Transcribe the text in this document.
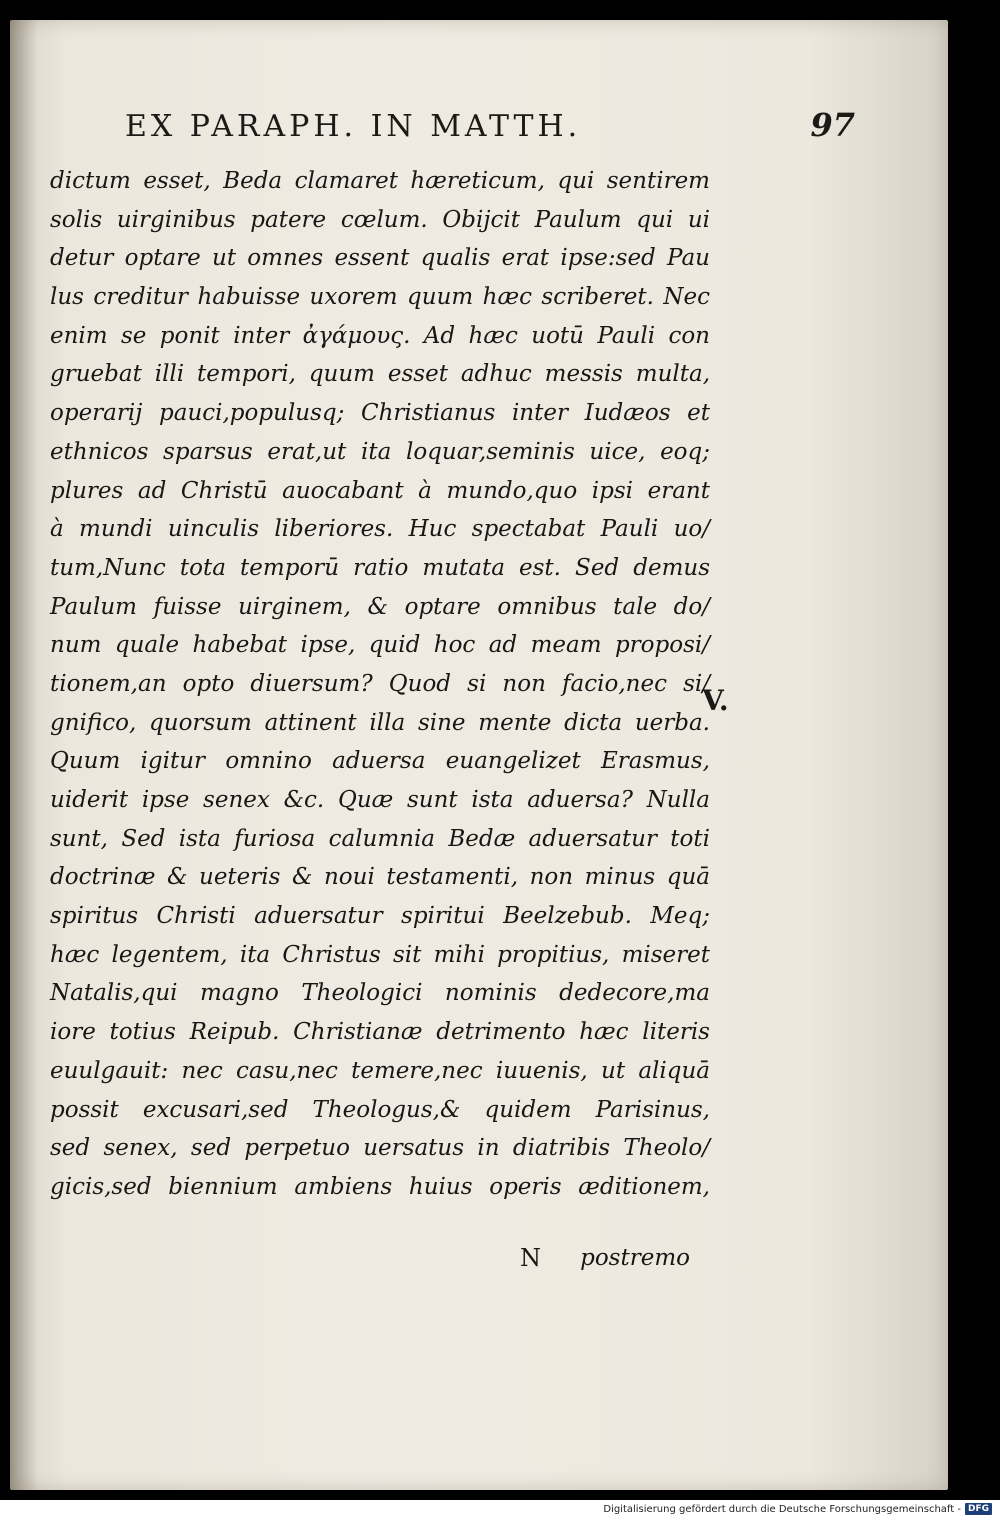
EX PARAPH. IN MATTH.	97
dictum esset, Beda clamaret hæreticum, qui sentirem
solis uirginibus patere cœlum. Obijcit Paulum qui ui
detur optare ut omnes essent qualis erat ipse:sed Pau
lus creditur habuisse uxorem quum hæc scriberet. Nec
enim se ponit inter ἀγάμους. Ad hæc uotū Pauli con
gruebat illi tempori, quum esset adhuc messis multa,
operarij pauci,populusq; Christianus inter Iudæos et
ethnicos sparsus erat,ut ita loquar,seminis uice, eoq;
plures ad Christū auocabant à mundo,quo ipsi erant
à mundi uinculis liberiores. Huc spectabat Pauli uo/
tum,Nunc tota temporū ratio mutata est. Sed demus
Paulum fuisse uirginem, & optare omnibus tale do/
num quale habebat ipse, quid hoc ad meam proposi/
tionem,an opto diuersum? Quod si non facio,nec si/
gnifico, quorsum attinent illa sine mente dicta uerba.
Quum igitur omnino aduersa euangelizet Erasmus,
uiderit ipse senex &c. Quæ sunt ista aduersa? Nulla
sunt, Sed ista furiosa calumnia Bedæ aduersatur toti
doctrinæ & ueteris & noui testamenti, non minus quā
spiritus Christi aduersatur spiritui Beelzebub. Meq;
hæc legentem, ita Christus sit mihi propitius, miseret
Natalis,qui magno Theologici nominis dedecore,ma
iore totius Reipub. Christianæ detrimento hæc literis
euulgauit: nec casu,nec temere,nec iuuenis, ut aliquā
possit excusari,sed Theologus,& quidem Parisinus,
sed senex, sed perpetuo uersatus in diatribis Theolo/
gicis,sed biennium ambiens huius operis æditionem,
V.
N postremo
Digitalisierung gefördert durch die Deutsche Forschungsgemeinschaft - DFG
